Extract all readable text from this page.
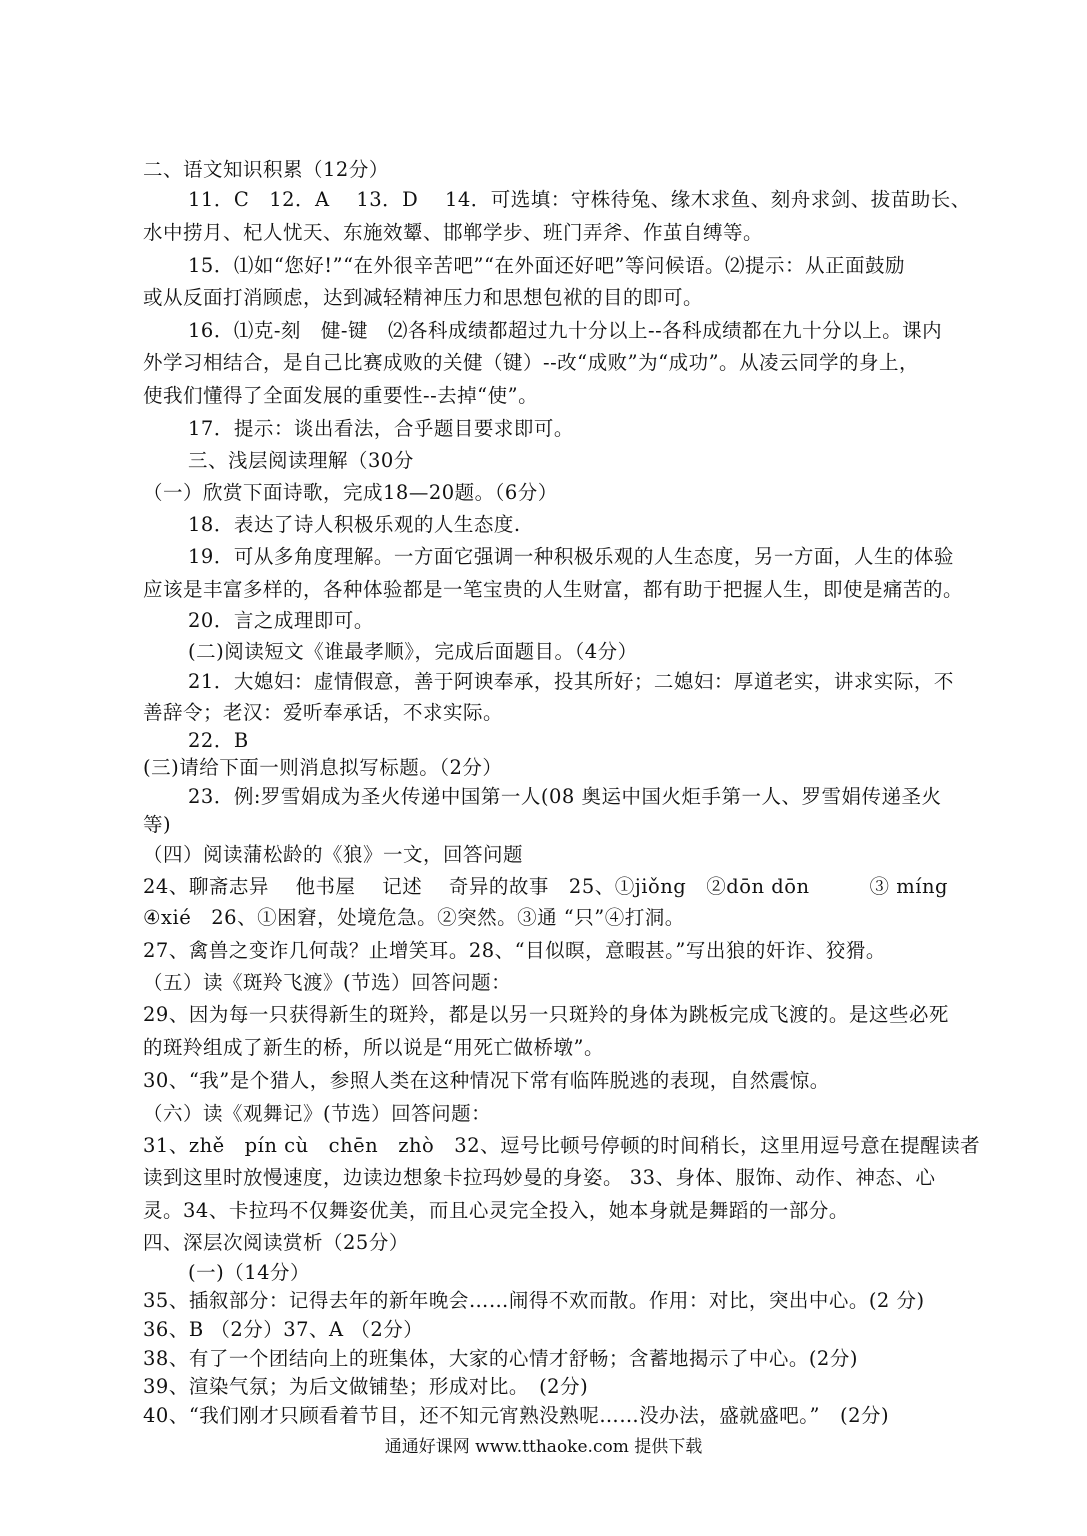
二、语文知识积累（12分）
11．C　12．A　 13．D　 14．可选填：守株待兔、缘木求鱼、刻舟求剑、拔苗助长、
水中捞月、杞人忧天、东施效颦、邯郸学步、班门弄斧、作茧自缚等。
15．⑴如“您好!”“在外很辛苦吧”“在外面还好吧”等问候语。⑵提示：从正面鼓励
或从反面打消顾虑，达到减轻精神压力和思想包袱的目的即可。
16．⑴克-刻　健-键　⑵各科成绩都超过九十分以上--各科成绩都在九十分以上。课内
外学习相结合，是自己比赛成败的关健（键）--改“成败”为“成功”。从凌云同学的身上，
使我们懂得了全面发展的重要性--去掉“使”。
17．提示：谈出看法，合乎题目要求即可。
三、浅层阅读理解（30分
（一）欣赏下面诗歌，完成18—20题。（6分）
18．表达了诗人积极乐观的人生态度.
19．可从多角度理解。一方面它强调一种积极乐观的人生态度，另一方面，人生的体验
应该是丰富多样的，各种体验都是一笔宝贵的人生财富，都有助于把握人生，即使是痛苦的。
20．言之成理即可。
(二)阅读短文《谁最孝顺》，完成后面题目。（4分）
21．大媳妇：虚情假意，善于阿谀奉承，投其所好；二媳妇：厚道老实，讲求实际，不
善辞令；老汉：爱听奉承话，不求实际。
22．B
(三)请给下面一则消息拟写标题。（2分）
23．例:罗雪娟成为圣火传递中国第一人(08 奥运中国火炬手第一人、罗雪娟传递圣火
等)
（四）阅读蒲松龄的《狼》一文，回答问题
24、聊斋志异　 他书屋　 记述　 奇异的故事　25、①jiǒng　②dōn dōn　　　③ míng
④xié　26、①困窘，处境危急。②突然。③通 “只”④打洞。
27、禽兽之变诈几何哉？止增笑耳。28、“目似暝，意暇甚。”写出狼的奸诈、狡猾。
（五）读《斑羚飞渡》(节选）回答问题：
29、因为每一只获得新生的斑羚，都是以另一只斑羚的身体为跳板完成飞渡的。是这些必死
的斑羚组成了新生的桥，所以说是“用死亡做桥墩”。
30、“我”是个猎人，参照人类在这种情况下常有临阵脱逃的表现，自然震惊。
（六）读《观舞记》(节选）回答问题：
31、zhě　pín cù　chēn　zhò　32、逗号比顿号停顿的时间稍长，这里用逗号意在提醒读者
读到这里时放慢速度，边读边想象卡拉玛妙曼的身姿。 33、身体、服饰、动作、神态、心
灵。34、卡拉玛不仅舞姿优美，而且心灵完全投入，她本身就是舞蹈的一部分。
四、深层次阅读赏析（25分）
(一)（14分）
35、插叙部分：记得去年的新年晚会……闹得不欢而散。作用：对比，突出中心。(2 分)
36、B （2分）37、A （2分）
38、有了一个团结向上的班集体，大家的心情才舒畅；含蓄地揭示了中心。(2分)
39、渲染气氛；为后文做铺垫；形成对比。　(2分)
40、“我们刚才只顾看着节目，还不知元宵熟没熟呢……没办法，盛就盛吧。”　(2分)
通通好课网 www.tthaoke.com 提供下载
